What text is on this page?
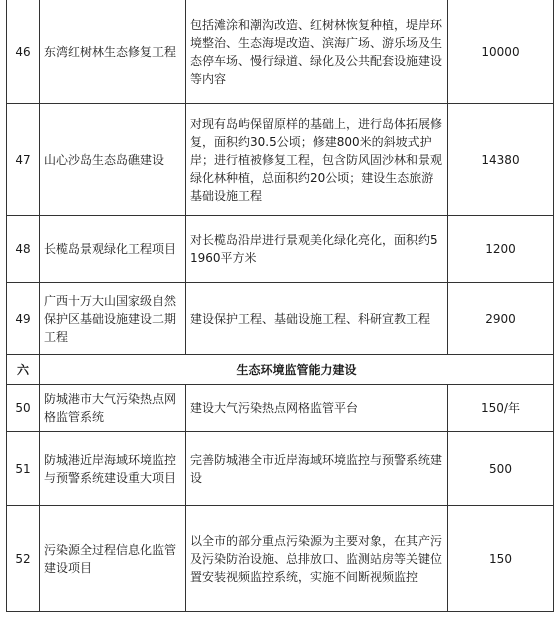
46	东湾红树林生态修复工程	包括滩涂和潮沟改造、红树林恢复种植，堤岸环境整治、生态海堤改造、滨海广场、游乐场及生态停车场、慢行绿道、绿化及公共配套设施建设等内容	10000
47	山心沙岛生态岛礁建设	对现有岛屿保留原样的基础上，进行岛体拓展修复，面积约30.5公顷；修建800米的斜坡式护岸；进行植被修复工程，包含防风固沙林和景观绿化林种植，总面积约20公顷；建设生态旅游基础设施工程	14380
48	长榄岛景观绿化工程项目	对长榄岛沿岸进行景观美化绿化亮化，面积约51960平方米	1200
49	广西十万大山国家级自然保护区基础设施建设二期工程	建设保护工程、基础设施工程、科研宣教工程	2900
六	生态环境监管能力建设		
50	防城港市大气污染热点网格监管系统	建设大气污染热点网格监管平台	150/年
51	防城港近岸海域环境监控与预警系统建设重大项目	完善防城港全市近岸海域环境监控与预警系统建设	500
52	污染源全过程信息化监管建设项目	以全市的部分重点污染源为主要对象，在其产污及污染防治设施、总排放口、监测站房等关键位置安装视频监控系统，实施不间断视频监控	150
